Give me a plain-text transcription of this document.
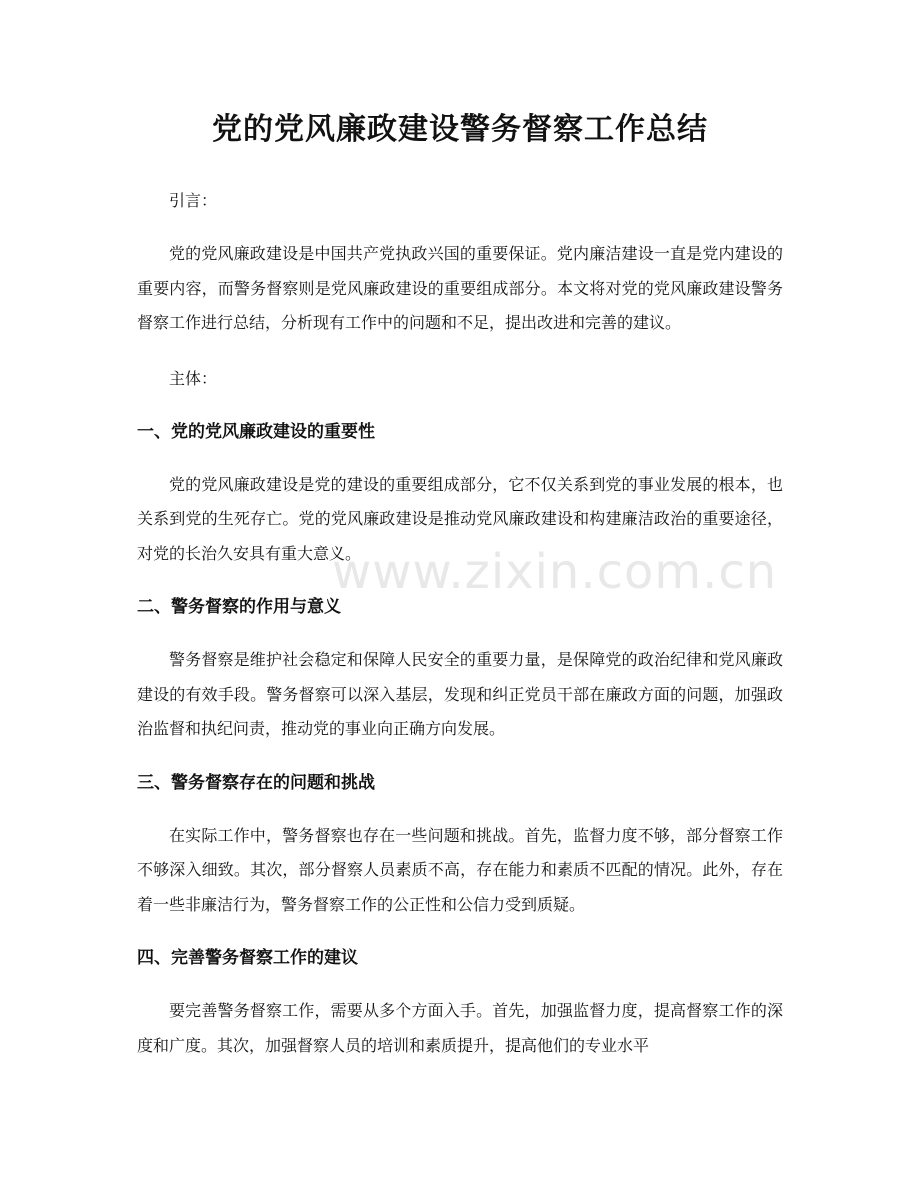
党的党风廉政建设警务督察工作总结

引言：

党的党风廉政建设是中国共产党执政兴国的重要保证。党内廉洁建设一直是党内建设的重要内容，而警务督察则是党风廉政建设的重要组成部分。本文将对党的党风廉政建设警务督察工作进行总结，分析现有工作中的问题和不足，提出改进和完善的建议。

主体：

一、党的党风廉政建设的重要性

党的党风廉政建设是党的建设的重要组成部分，它不仅关系到党的事业发展的根本，也关系到党的生死存亡。党的党风廉政建设是推动党风廉政建设和构建廉洁政治的重要途径，对党的长治久安具有重大意义。

二、警务督察的作用与意义

警务督察是维护社会稳定和保障人民安全的重要力量，是保障党的政治纪律和党风廉政建设的有效手段。警务督察可以深入基层，发现和纠正党员干部在廉政方面的问题，加强政治监督和执纪问责，推动党的事业向正确方向发展。

三、警务督察存在的问题和挑战

在实际工作中，警务督察也存在一些问题和挑战。首先，监督力度不够，部分督察工作不够深入细致。其次，部分督察人员素质不高，存在能力和素质不匹配的情况。此外，存在着一些非廉洁行为，警务督察工作的公正性和公信力受到质疑。

四、完善警务督察工作的建议

要完善警务督察工作，需要从多个方面入手。首先，加强监督力度，提高督察工作的深度和广度。其次，加强督察人员的培训和素质提升，提高他们的专业水平

www.zixin.com.cn
